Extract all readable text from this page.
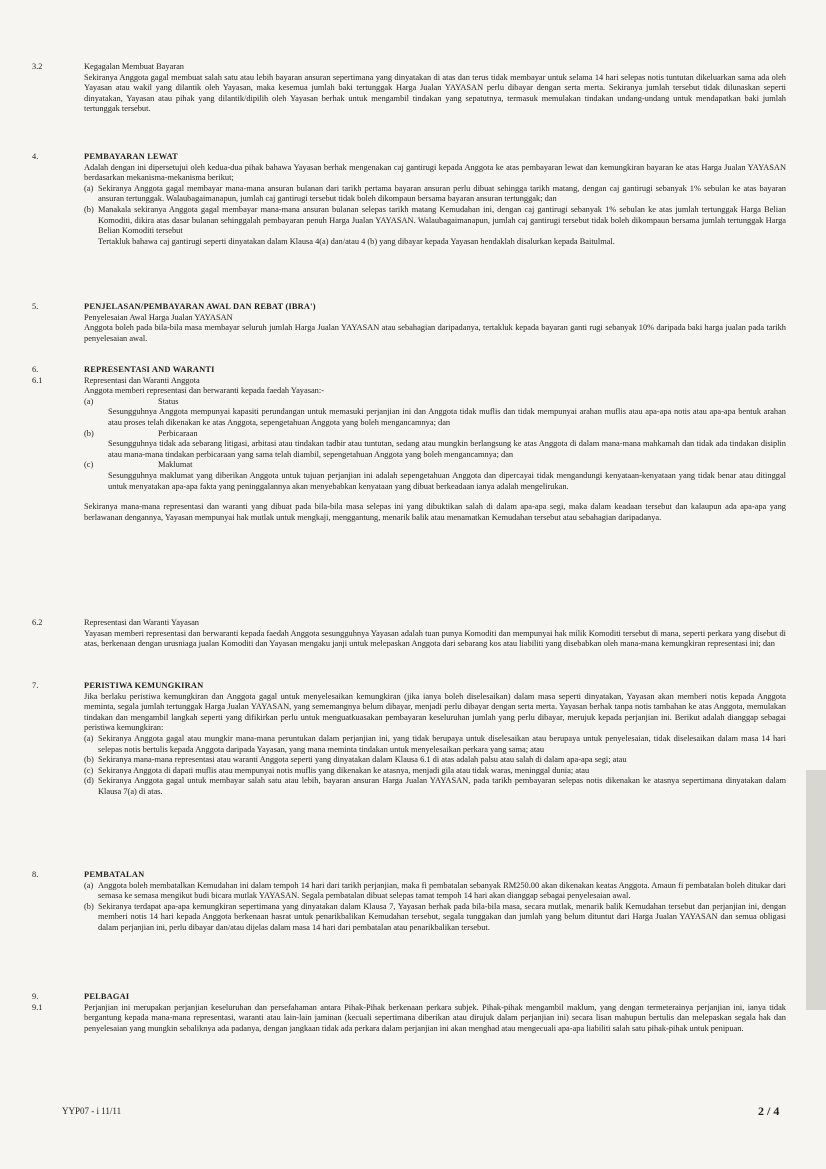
3.2	Kegagalan Membuat Bayaran

Sekiranya Anggota gagal membuat salah satu atau lebih bayaran ansuran sepertimana yang dinyatakan di atas dan terus tidak membayar untuk selama 14 hari selepas notis tuntutan dikeluarkan sama ada oleh Yayasan atau wakil yang dilantik oleh Yayasan, maka kesemua jumlah baki tertunggak Harga Jualan YAYASAN perlu dibayar dengan serta merta. Sekiranya jumlah tersebut tidak dilunaskan seperti dinyatakan, Yayasan atau pihak yang dilantik/dipilih oleh Yayasan berhak untuk mengambil tindakan yang sepatutnya, termasuk memulakan tindakan undang-undang untuk mendapatkan baki jumlah tertunggak tersebut.

4.	PEMBAYARAN LEWAT

Adalah dengan ini dipersetujui oleh kedua-dua pihak bahawa Yayasan berhak mengenakan caj gantirugi kepada Anggota ke atas pembayaran lewat dan kemungkiran bayaran ke atas Harga Jualan YAYASAN berdasarkan mekanisma-mekanisma berikut;

(a) Sekiranya Anggota gagal membayar mana-mana ansuran bulanan dari tarikh pertama bayaran ansuran perlu dibuat sehingga tarikh matang, dengan caj gantirugi sebanyak 1% sebulan ke atas bayaran ansuran tertunggak. Walaubagaimanapun, jumlah caj gantirugi tersebut tidak boleh dikompaun bersama bayaran ansuran tertunggak; dan

(b) Manakala sekiranya Anggota gagal membayar mana-mana ansuran bulanan selepas tarikh matang Kemudahan ini, dengan caj gantirugi sebanyak 1% sebulan ke atas jumlah tertunggak Harga Belian Komoditi, dikira atas dasar bulanan sehinggalah pembayaran penuh Harga Jualan YAYASAN. Walaubagaimanapun, jumlah caj gantirugi tersebut tidak boleh dikompaun bersama jumlah tertunggak Harga Belian Komoditi tersebut

Tertakluk bahawa caj gantirugi seperti dinyatakan dalam Klausa 4(a) dan/atau 4 (b) yang dibayar kepada Yayasan hendaklah disalurkan kepada Baitulmal.

5.	PENJELASAN/PEMBAYARAN AWAL DAN REBAT (IBRA')

Penyelesaian Awal Harga Jualan YAYASAN

Anggota boleh pada bila-bila masa membayar seluruh jumlah Harga Jualan YAYASAN atau sebahagian daripadanya, tertakluk kepada bayaran ganti rugi sebanyak 10% daripada baki harga jualan pada tarikh penyelesaian awal.

6.
6.1

REPRESENTASI AND WARANTI

Representasi dan Waranti Anggota

Anggota memberi representasi dan berwaranti kepada faedah Yayasan:-

(a)	Status

Sesungguhnya Anggota mempunyai kapasiti perundangan untuk memasuki perjanjian ini dan Anggota tidak muflis dan tidak mempunyai arahan muflis atau apa-apa notis atau apa-apa bentuk arahan atau proses telah dikenakan ke atas Anggota, sepengetahuan Anggota yang boleh mengancamnya; dan

(b)	Perbicaraan

Sesungguhnya tidak ada sebarang litigasi, arbitasi atau tindakan tadbir atau tuntutan, sedang atau mungkin berlangsung ke atas Anggota di dalam mana-mana mahkamah dan tidak ada tindakan disiplin atau mana-mana tindakan perbicaraan yang sama telah diambil, sepengetahuan Anggota yang boleh mengancamnya; dan

(c)	Maklumat

Sesungguhnya maklumat yang diberikan Anggota untuk tujuan perjanjian ini adalah sepengetahuan Anggota dan dipercayai tidak mengandungi kenyataan-kenyataan yang tidak benar atau ditinggal untuk menyatakan apa-apa fakta yang peninggalannya akan menyebabkan kenyataan yang dibuat berkeadaan ianya adalah mengelirukan.

Sekiranya mana-mana representasi dan waranti yang dibuat pada bila-bila masa selepas ini yang dibuktikan salah di dalam apa-apa segi, maka dalam keadaan tersebut dan kalaupun ada apa-apa yang berlawanan dengannya, Yayasan mempunyai hak mutlak untuk mengkaji, menggantung, menarik balik atau menamatkan Kemudahan tersebut atau sebahagian daripadanya.

6.2	Representasi dan Waranti Yayasan

Yayasan memberi representasi dan berwaranti kepada faedah Anggota sesungguhnya Yayasan adalah tuan punya Komoditi dan mempunyai hak milik Komoditi tersebut di mana, seperti perkara yang disebut di atas, berkenaan dengan urusniaga jualan Komoditi dan Yayasan mengaku janji untuk melepaskan Anggota dari sebarang kos atau liabiliti yang disebabkan oleh mana-mana kemungkiran representasi ini; dan

7.	PERISTIWA KEMUNGKIRAN

Jika berlaku peristiwa kemungkiran dan Anggota gagal untuk menyelesaikan kemungkiran (jika ianya boleh diselesaikan) dalam masa seperti dinyatakan, Yayasan akan memberi notis kepada Anggota meminta, segala jumlah tertunggak Harga Jualan YAYASAN, yang sememangnya belum dibayar, menjadi perlu dibayar dengan serta merta. Yayasan berhak tanpa notis tambahan ke atas Anggota, memulakan tindakan dan mengambil langkah seperti yang difikirkan perlu untuk menguatkuasakan pembayaran keseluruhan jumlah yang perlu dibayar, merujuk kepada perjanjian ini. Berikut adalah dianggap sebagai peristiwa kemungkiran:

(a) Sekiranya Anggota gagal atau mungkir mana-mana peruntukan dalam perjanjian ini, yang tidak berupaya untuk diselesaikan atau berupaya untuk penyelesaian, tidak diselesaikan dalam masa 14 hari selepas notis bertulis kepada Anggota daripada Yayasan, yang mana meminta tindakan untuk menyelesaikan perkara yang sama; atau

(b) Sekiranya mana-mana representasi atau waranti Anggota seperti yang dinyatakan dalam Klausa 6.1 di atas adalah palsu atau salah di dalam apa-apa segi; atau

(c) Sekiranya Anggota di dapati muflis atau mempunyai notis muflis yang dikenakan ke atasnya, menjadi gila atau tidak waras, meninggal dunia; atau

(d) Sekiranya Anggota gagal untuk membayar salah satu atau lebih, bayaran ansuran Harga Jualan YAYASAN, pada tarikh pembayaran selepas notis dikenakan ke atasnya sepertimana dinyatakan dalam Klausa 7(a) di atas.

8.	PEMBATALAN

(a) Anggota boleh membatalkan Kemudahan ini dalam tempoh 14 hari dari tarikh perjanjian, maka fi pembatalan sebanyak RM250.00 akan dikenakan keatas Anggota. Amaun fi pembatalan boleh ditukar dari semasa ke semasa mengikut budi bicara mutlak YAYASAN. Segala pembatalan dibuat selepas tamat tempoh 14 hari akan dianggap sebagai penyelesaian awal.

(b) Sekiranya terdapat apa-apa kemungkiran sepertimana yang dinyatakan dalam Klausa 7, Yayasan berhak pada bila-bila masa, secara mutlak, menarik balik Kemudahan tersebut dan perjanjian ini, dengan memberi notis 14 hari kepada Anggota berkenaan hasrat untuk penarikbalikan Kemudahan tersebut, segala tunggakan dan jumlah yang belum dituntut dari Harga Jualan YAYASAN dan semua obligasi dalam perjanjian ini, perlu dibayar dan/atau dijelas dalam masa 14 hari dari pembatalan atau penarikbalikan tersebut.

9.
9.1

PELBAGAI

Perjanjian ini merupakan perjanjian keseluruhan dan persefahaman antara Pihak-Pihak berkenaan perkara subjek. Pihak-pihak mengambil maklum, yang dengan termeterainya perjanjian ini, ianya tidak bergantung kepada mana-mana representasi, waranti atau lain-lain jaminan (kecuali sepertimana diberikan atau dirujuk dalam perjanjian ini) secara lisan mahupun bertulis dan melepaskan segala hak dan penyelesaian yang mungkin sebaliknya ada padanya, dengan jangkaan tidak ada perkara dalam perjanjian ini akan menghad atau mengecuali apa-apa liabiliti salah satu pihak-pihak untuk penipuan.

YYP07 - i 11/11	2 / 4
